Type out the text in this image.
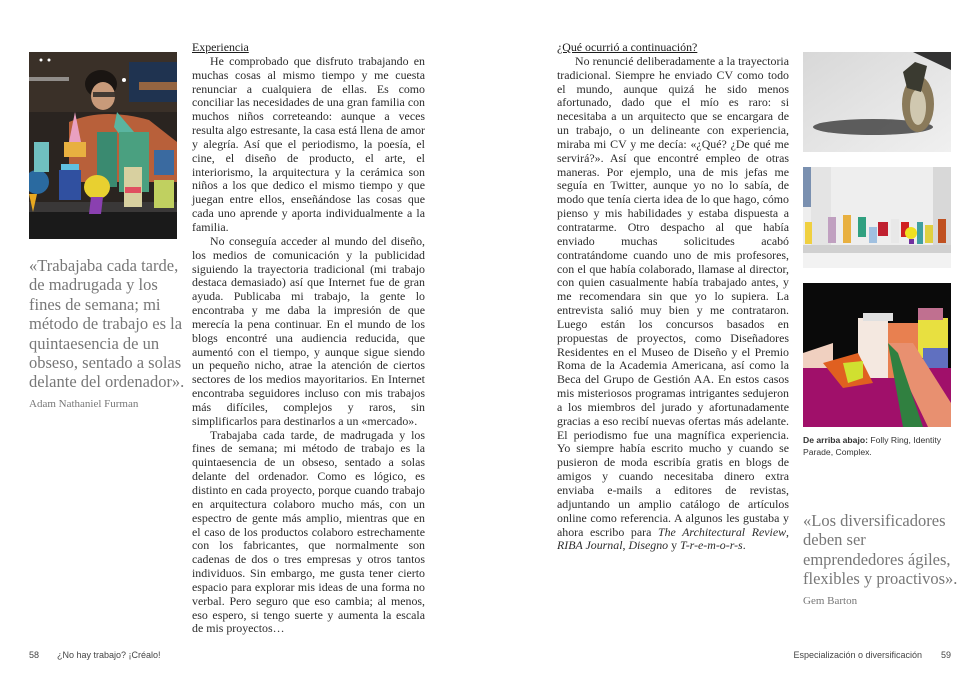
«Trabajaba cada tarde, de madrugada y los fines de semana; mi método de trabajo es la quintaesencia de un obseso, sentado a solas delante del ordenador».
Adam Nathaniel Furman
Experiencia

He comprobado que disfruto trabajando en muchas cosas al mismo tiempo y me cuesta renunciar a cualquiera de ellas. Es como conciliar las necesidades de una gran familia con muchos niños correteando: aunque a veces resulta algo estresante, la casa está llena de amor y alegría. Así que el periodismo, la poesía, el cine, el diseño de producto, el arte, el interiorismo, la arquitectura y la cerámica son niños a los que dedico el mismo tiempo y que juegan entre ellos, enseñándose las cosas que cada uno aprende y aporta individualmente a la familia.

No conseguía acceder al mundo del diseño, los medios de comunicación y la publicidad siguiendo la trayectoria tradicional (mi trabajo destaca demasiado) así que Internet fue de gran ayuda. Publicaba mi trabajo, la gente lo encontraba y me daba la impresión de que merecía la pena continuar. En el mundo de los blogs encontré una audiencia reducida, que aumentó con el tiempo, y aunque sigue siendo un pequeño nicho, atrae la atención de ciertos sectores de los medios mayoritarios. En Internet encontraba seguidores incluso con mis trabajos más difíciles, complejos y raros, sin simplificarlos para destinarlos a un «mercado».

Trabajaba cada tarde, de madrugada y los fines de semana; mi método de trabajo es la quintaesencia de un obseso, sentado a solas delante del ordenador. Como es lógico, es distinto en cada proyecto, porque cuando trabajo en arquitectura colaboro mucho más, con un espectro de gente más amplio, mientras que en el caso de los productos colaboro estrechamente con los fabricantes, que normalmente son cadenas de dos o tres empresas y otros tantos individuos. Sin embargo, me gusta tener cierto espacio para explorar mis ideas de una forma no verbal. Pero seguro que eso cambia; al menos, eso espero, si tengo suerte y aumenta la escala de mis proyectos…

58 ¿No hay trabajo? ¡Créalo!
¿Qué ocurrió a continuación?

No renuncié deliberadamente a la trayectoria tradicional. Siempre he enviado CV como todo el mundo, aunque quizá he sido menos afortunado, dado que el mío es raro: si necesitaba a un arquitecto que se encargara de un trabajo, o un delineante con experiencia, miraba mi CV y me decía: «¿Qué? ¿De qué me servirá?». Así que encontré empleo de otras maneras. Por ejemplo, una de mis jefas me seguía en Twitter, aunque yo no lo sabía, de modo que tenía cierta idea de lo que hago, cómo pienso y mis habilidades y estaba dispuesta a contratarme. Otro despacho al que había enviado muchas solicitudes acabó contratándome cuando uno de mis profesores, con el que había colaborado, llamase al director, con quien casualmente había trabajado antes, y me recomendara sin que yo lo supiera. La entrevista salió muy bien y me contrataron. Luego están los concursos basados en propuestas de proyectos, como Diseñadores Residentes en el Museo de Diseño y el Premio Roma de la Academia Americana, así como la Beca del Grupo de Gestión AA. En estos casos mis misteriosos programas intrigantes sedujeron a los miembros del jurado y afortunadamente gracias a eso recibí nuevas ofertas más adelante. El periodismo fue una magnífica experiencia. Yo siempre había escrito mucho y cuando se pusieron de moda escribía gratis en blogs de amigos y cuando necesitaba dinero extra enviaba e-mails a editores de revistas, adjuntando un amplio catálogo de artículos online como referencia. A algunos les gustaba y ahora escribo para The Architectural Review, RIBA Journal, Disegno y T-r-e-m-o-r-s.

De arriba abajo: Folly Ring, Identity Parade, Complex.
«Los diversificadores deben ser emprendedores ágiles, flexibles y proactivos».
Gem Barton
Especialización o diversificación 59
